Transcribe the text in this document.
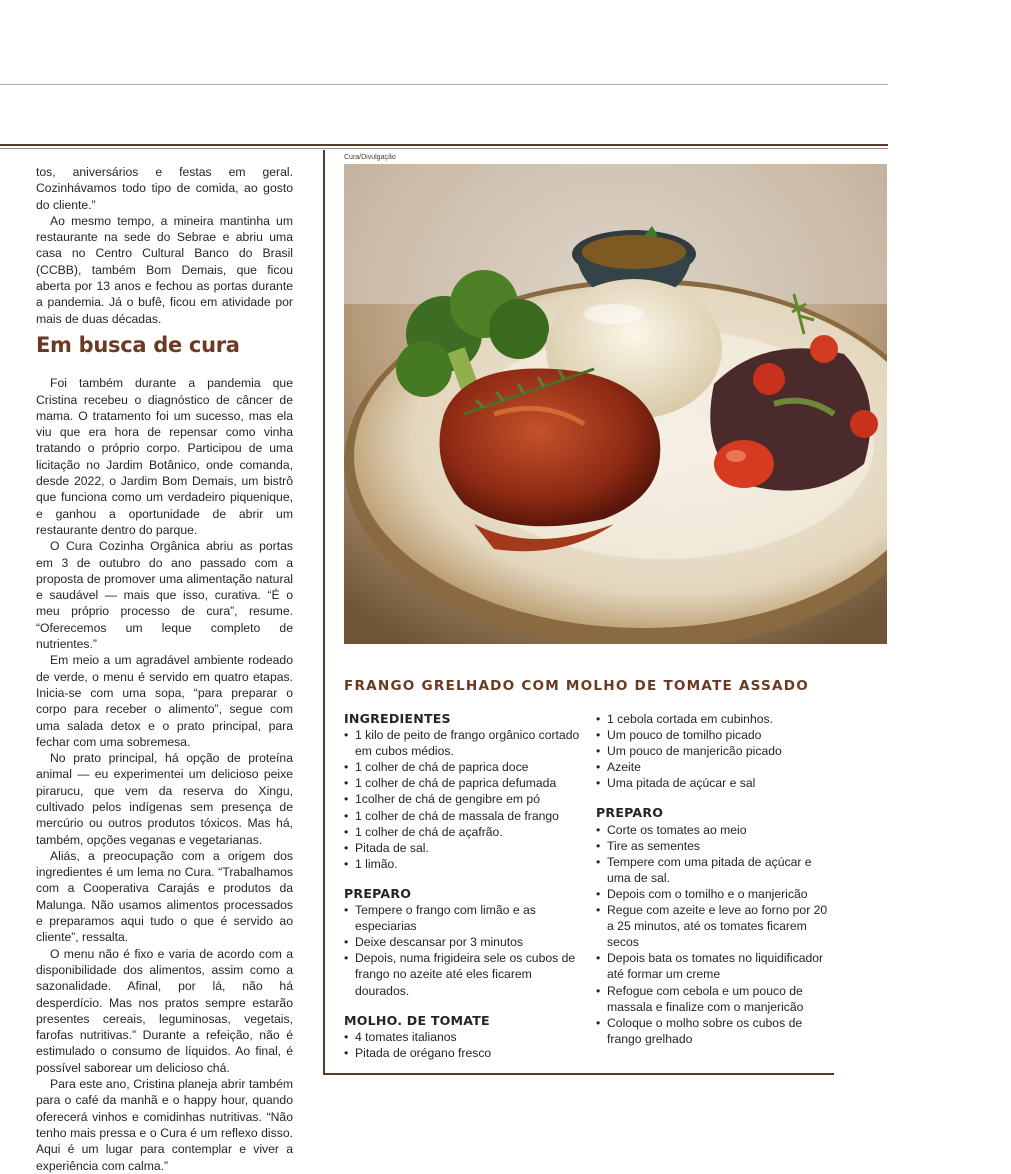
tos, aniversários e festas em geral. Cozinhávamos todo tipo de comida, ao gosto do cliente.”

Ao mesmo tempo, a mineira mantinha um restaurante na sede do Sebrae e abriu uma casa no Centro Cultural Banco do Brasil (CCBB), também Bom Demais, que ficou aberta por 13 anos e fechou as portas durante a pandemia. Já o bufê, ficou em atividade por mais de duas décadas.

Em busca de cura

Foi também durante a pandemia que Cristina recebeu o diagnóstico de câncer de mama. O tratamento foi um sucesso, mas ela viu que era hora de repensar como vinha tratando o próprio corpo. Participou de uma licitação no Jardim Botânico, onde comanda, desde 2022, o Jardim Bom Demais, um bistrô que funciona como um verdadeiro piquenique, e ganhou a oportunidade de abrir um restaurante dentro do parque.

O Cura Cozinha Orgânica abriu as portas em 3 de outubro do ano passado com a proposta de promover uma alimentação natural e saudável — mais que isso, curativa. “É o meu próprio processo de cura”, resume. “Oferecemos um leque completo de nutrientes.”

Em meio a um agradável ambiente rodeado de verde, o menu é servido em quatro etapas. Inicia-se com uma sopa, “para preparar o corpo para receber o alimento”, segue com uma salada detox e o prato principal, para fechar com uma sobremesa.

No prato principal, há opção de proteína animal — eu experimentei um delicioso peixe pirarucu, que vem da reserva do Xingu, cultivado pelos indígenas sem presença de mercúrio ou outros produtos tóxicos. Mas há, também, opções veganas e vegetarianas.

Aliás, a preocupação com a origem dos ingredientes é um lema no Cura. “Trabalhamos com a Cooperativa Carajás e produtos da Malunga. Não usamos alimentos processados e preparamos aqui tudo o que é servido ao cliente”, ressalta.

O menu não é fixo e varia de acordo com a disponibilidade dos alimentos, assim como a sazonalidade. Afinal, por lá, não há desperdício. Mas nos pratos sempre estarão presentes cereais, leguminosas, vegetais, farofas nutritivas.” Durante a refeição, não é estimulado o consumo de líquidos. Ao final, é possível saborear um delicioso chá.

Para este ano, Cristina planeja abrir também para o café da manhã e o happy hour, quando oferecerá vinhos e comidinhas nutritivas. “Não tenho mais pressa e o Cura é um reflexo disso. Aqui é um lugar para contemplar e viver a experiência com calma.”

Cura/Divulgação
FRANGO GRELHADO COM MOLHO DE TOMATE ASSADO
INGREDIENTES
• 1 kilo de peito de frango orgânico cortado em cubos médios.
• 1 colher de chá de paprica doce
• 1 colher de chá de paprica defumada
• 1colher de chá de gengibre em pó
• 1 colher de chá de massala de frango
• 1 colher de chá de açafrão.
• Pitada de sal.
• 1 limão.
PREPARO
• Tempere o frango com limão e as especiarias
• Deixe descansar por 3 minutos
• Depois, numa frigideira sele os cubos de frango no azeite até eles ficarem dourados.
MOLHO. DE TOMATE
• 4 tomates italianos
• Pitada de orégano fresco
• 1 cebola cortada em cubinhos.
• Um pouco de tomilho picado
• Um pouco de manjericão picado
• Azeite
• Uma pitada de açúcar e sal
PREPARO
• Corte os tomates ao meio
• Tire as sementes
• Tempere com uma pitada de açúcar e uma de sal.
• Depois com o tomilho e o manjericão
• Regue com azeite e leve ao forno por 20 a 25 minutos, até os tomates ficarem secos
• Depois bata os tomates no liquidificador até formar um creme
• Refogue com cebola e um pouco de massala e finalize com o manjericão
• Coloque o molho sobre os cubos de frango grelhado
